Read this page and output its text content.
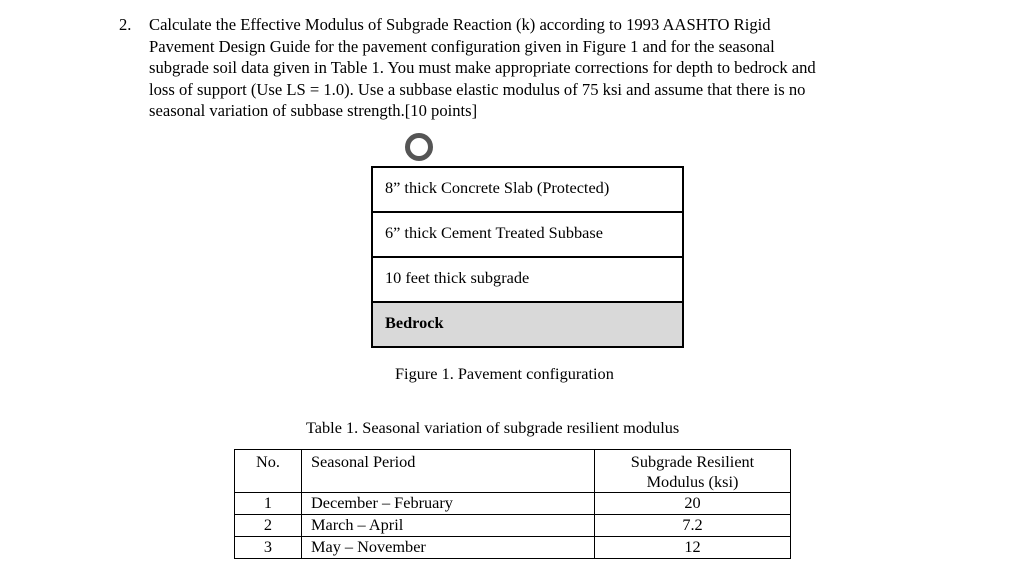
2. Calculate the Effective Modulus of Subgrade Reaction (k) according to 1993 AASHTO Rigid
Pavement Design Guide for the pavement configuration given in Figure 1 and for the seasonal
subgrade soil data given in Table 1. You must make appropriate corrections for depth to bedrock and
loss of support (Use LS = 1.0). Use a subbase elastic modulus of 75 ksi and assume that there is no
seasonal variation of subbase strength.[10 points]
8” thick Concrete Slab (Protected)
6” thick Cement Treated Subbase
10 feet thick subgrade
Bedrock
Figure 1. Pavement configuration
Table 1. Seasonal variation of subgrade resilient modulus
No.	Seasonal Period	Subgrade Resilient
Modulus (ksi)
1	December – February	20
2	March – April	7.2
3	May – November	12
